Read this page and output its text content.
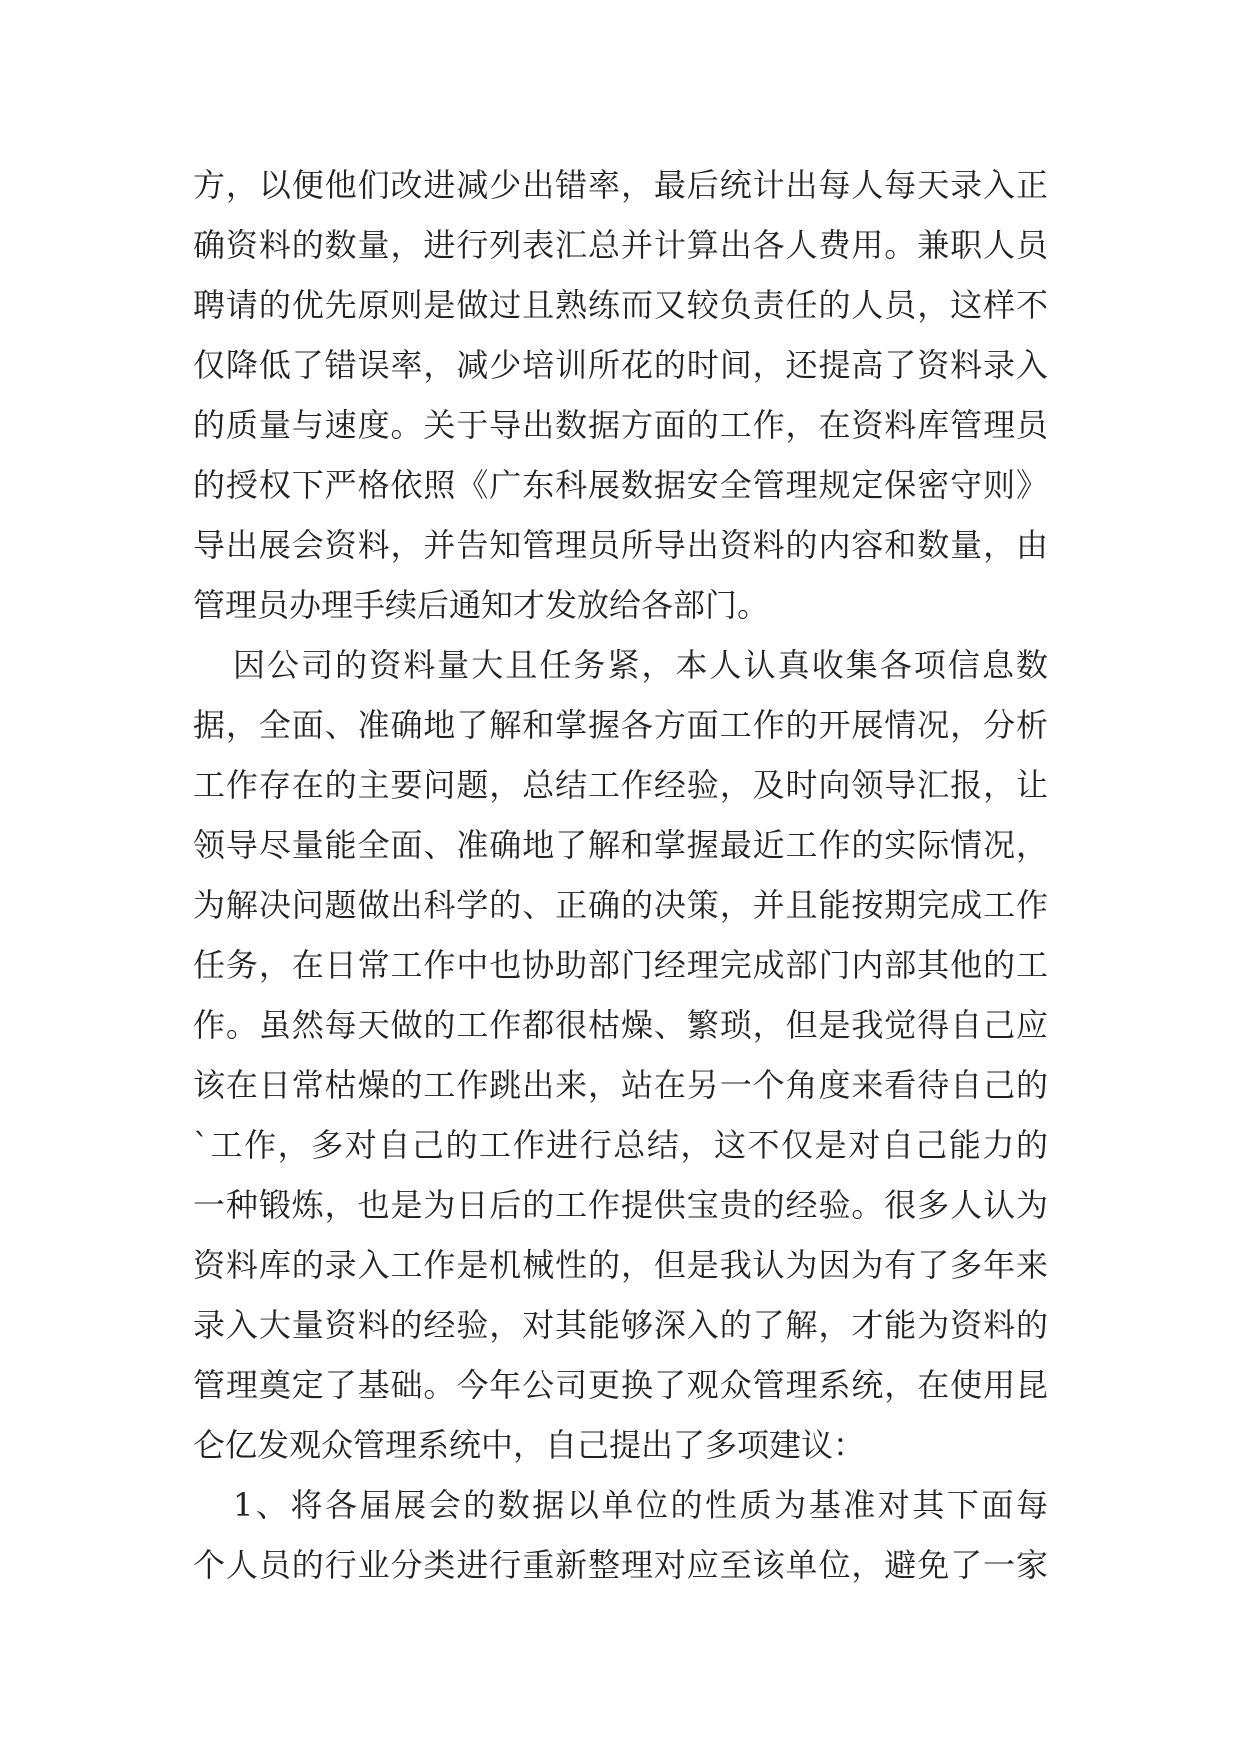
方，以便他们改进减少出错率，最后统计出每人每天录入正
确资料的数量，进行列表汇总并计算出各人费用。兼职人员
聘请的优先原则是做过且熟练而又较负责任的人员，这样不
仅降低了错误率，减少培训所花的时间，还提高了资料录入
的质量与速度。关于导出数据方面的工作，在资料库管理员
的授权下严格依照《广东科展数据安全管理规定保密守则》
导出展会资料，并告知管理员所导出资料的内容和数量，由
管理员办理手续后通知才发放给各部门。
因公司的资料量大且任务紧，本人认真收集各项信息数
据，全面、准确地了解和掌握各方面工作的开展情况，分析
工作存在的主要问题，总结工作经验，及时向领导汇报，让
领导尽量能全面、准确地了解和掌握最近工作的实际情况，
为解决问题做出科学的、正确的决策，并且能按期完成工作
任务，在日常工作中也协助部门经理完成部门内部其他的工
作。虽然每天做的工作都很枯燥、繁琐，但是我觉得自己应
该在日常枯燥的工作跳出来，站在另一个角度来看待自己的
`工作，多对自己的工作进行总结，这不仅是对自己能力的
一种锻炼，也是为日后的工作提供宝贵的经验。很多人认为
资料库的录入工作是机械性的，但是我认为因为有了多年来
录入大量资料的经验，对其能够深入的了解，才能为资料的
管理奠定了基础。今年公司更换了观众管理系统，在使用昆
仑亿发观众管理系统中，自己提出了多项建议：
1、将各届展会的数据以单位的性质为基准对其下面每
个人员的行业分类进行重新整理对应至该单位，避免了一家
